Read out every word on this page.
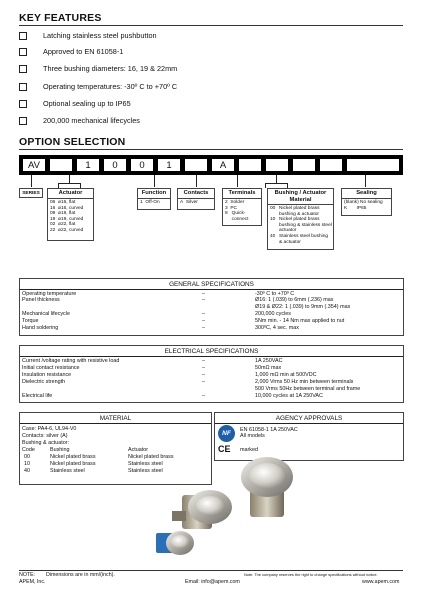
KEY FEATURES
Latching stainless steel pushbutton
Approved to EN 61058-1
Three bushing diameters: 16, 19 & 22mm
Operating temperatures: -30º C to +70º C
Optional sealing up to IP65
200,000 mechanical lifecycles
OPTION SELECTION
AV	1	0	0	1	A
SERIES	Actuator
06 ø16, flat
16 ø16, curved
09 ø19, flat
19 ø19, curved
02 ø22, flat
22 ø22, curved
Function
1 Off-On
Contacts
A Silver
Terminals
2 Solder
3 PC
8 Quick-connect
Bushing / Actuator Material
00 Nickel plated brass bushing & actuator
10 Nickel plated brass bushing & stainless steel actuator
40 Stainless steel bushing & actuator
Sealing
(blank) No sealing
K IP65
GENERAL SPECIFICATIONS
Operating temperature	–	-30º C to +70º C
Panel thickness	–	Ø16: 1 (.039) to 6mm (.236) max
Ø19 & Ø22: 1 (.039) to 9mm (.354) max
Mechanical lifecycle	–	200,000 cycles
Torque	–	5Nm min. - 14 Nm max applied to nut
Hand soldering	–	300ºC, 4 sec. max
ELECTRICAL SPECIFICATIONS
Current /voltage rating with resistive load	–	1A 250VAC
Initial contact resistance	–	50mΩ max
Insulation resistance	–	1,000 mΩ min at 500VDC
Dielectric strength	–	2,000 Vrms 50 Hz min between terminals
500 Vrms 50Hz between terminal and frame
Electrical life	–	10,000 cycles at 1A 250VAC
MATERIAL
Case: PA4-6, UL94-V0
Contacts: silver (A)
Bushing & actuator:
Code	Bushing	Actuator
00	Nickel plated brass	Nickel plated brass
10	Nickel plated brass	Stainless steel
40	Stainless steel	Stainless steel
AGENCY APPROVALS
NF
CE
EN 61058-1 1A 250VAC
All models
marked
NOTE: Dimensions are in mm/(inch).	Note: The company reserves the right to change specifications without notice.
APEM, Inc.	Email: info@apem.com	www.apem.com
